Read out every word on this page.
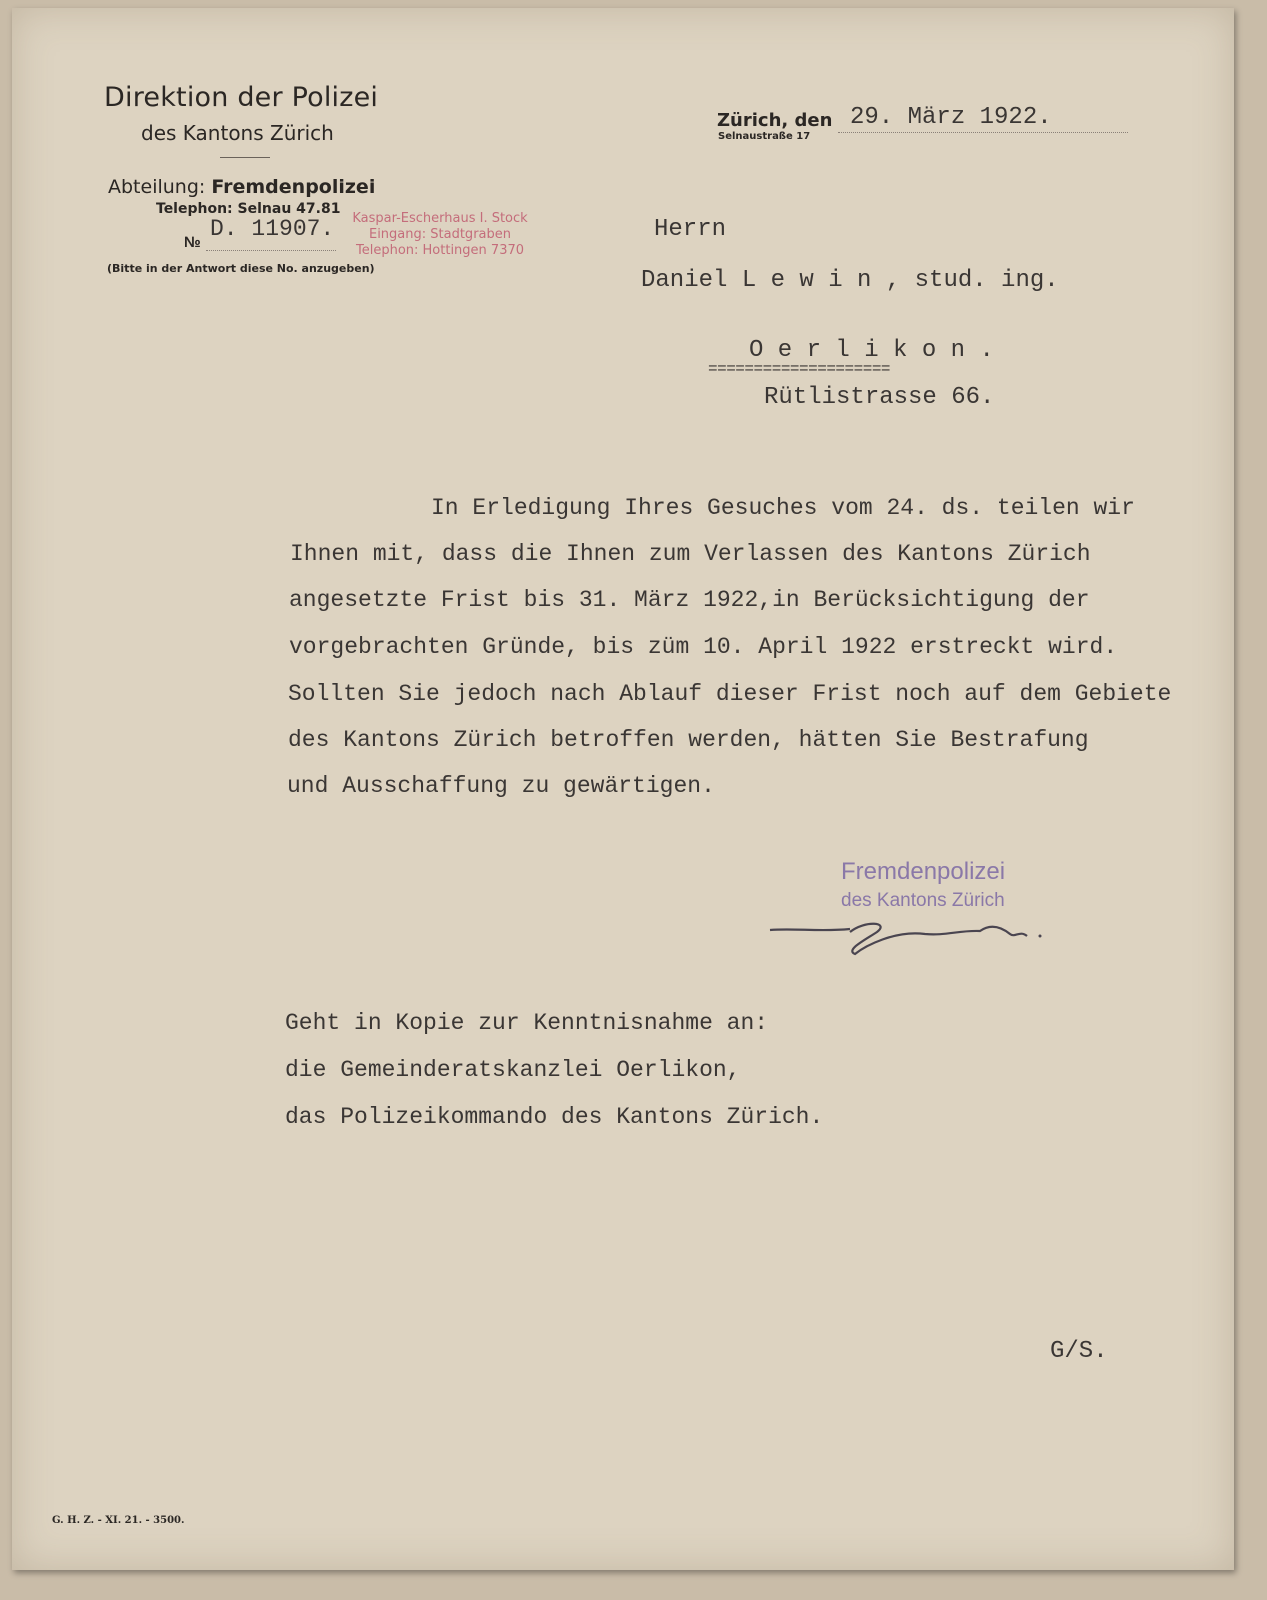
Direktion der Polizei
des Kantons Zürich
Abteilung: Fremdenpolizei
Telephon: Selnau 47.81
№
D. 11907.
(Bitte in der Antwort diese No. anzugeben)
Kaspar-Escherhaus I. Stock
Eingang: Stadtgraben
Telephon: Hottingen 7370
Zürich, den 29. März 1922.
Selnaustraße 17
Herrn
Daniel L e w i n , stud. ing.
O e r l i k o n .
====================
Rütlistrasse 66.
In Erledigung Ihres Gesuches vom 24. ds. teilen wir
Ihnen mit, dass die Ihnen zum Verlassen des Kantons Zürich
angesetzte Frist bis 31. März 1922,in Berücksichtigung der
vorgebrachten Gründe, bis züm 10. April 1922 erstreckt wird.
Sollten Sie jedoch nach Ablauf dieser Frist noch auf dem Gebiete
des Kantons Zürich betroffen werden, hätten Sie Bestrafung
und Ausschaffung zu gewärtigen.
Fremdenpolizei
des Kantons Zürich
Geht in Kopie zur Kenntnisnahme an:
die Gemeinderatskanzlei Oerlikon,
das Polizeikommando des Kantons Zürich.
G/S.
G. H. Z. - XI. 21. - 3500.
